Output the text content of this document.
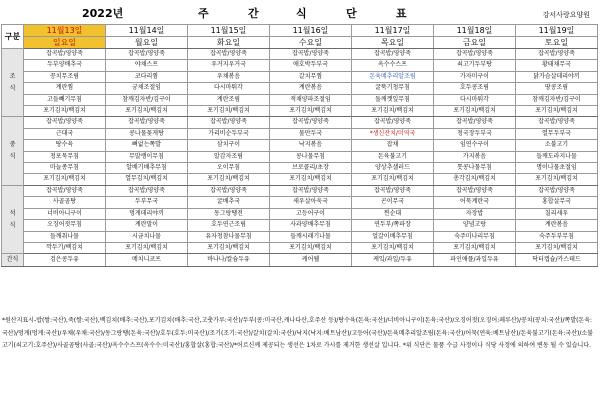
2022년	주	간	식	단	표	강서사랑요양원
구분	11월13일	11월14일	11월15일	11월16일	11월17일	11월18일	11월19일
	일요일	월요일	화요일	수요일	목요일	금요일	토요일

조
식	잡곡밥/영양죽	잡곡밥/영양죽	잡곡밥/영양죽	잡곡밥/영양죽	잡곡밥/영양죽	잡곡밥/영양죽	잡곡밥/영양죽
	두부양배추국	야채스프	우거지우거국	애호박두부국	옥수수스프	쇠고기두부탕	황태채무국
	꽁치무조림	코다리찜	우채볶음	갈치무찜	돈육메추리알조림	가자미구이	닭가슴살데리야끼
	계란찜	궁채조절임	다시마튀각	계란볶음	굴뚝기청무침	호두콩조림	땅콩조림
	고들빼기무침	참깨김자반/김구이	계란조림	적채양파조절임	돌깨깻잎무침	다시마튀각	참깨김자반/김구이
	포기김치/백김치	포기김치/백김치	포기김치/백김치	포기김치/백김치	포기김치/백김치	포기김치/백김치	포기김치/백김치

중
식	잡곡밥/영양죽	잡곡밥/영양죽	잡곡밥/영양죽	잡곡밥/영양죽	잡곡밥/영양죽	잡곡밥/영양죽	잡곡밥/영양죽
	근대국	콩나물꽃게탕	가리비순두부국	물만두국	*생신잔치/미역국	청국장두부국	열무두부국
	탕수육	뼈없는쪽발	삼치구이	낙지볶음	잡채	임연수구이	소불고기
	청포묵무침	무말랭이무침	알감자조림	콩나물무침	돈육불고기	가지볶음	들깨도라지나물
	마늘종무침	알배기배추무침	오이무침	브로콜리/초장	양상추샐러드	톳콩나물무침	명이나물초절임
	포기김치/백김치	열무김치/백김치	포기김치/백김치	포기김치/백김치	포기김치/백김치	총각김치/백김치	포기김치/백김치

석
식	잡곡밥/영양죽	잡곡밥/영양죽	잡곡밥/영양죽	잡곡밥/영양죽	잡곡밥/영양죽	잡곡밥/영양죽	잡곡밥/영양죽
	사골곰탕	두부무국	굴배추국	새우살아욱국	곤이무국	어묵계란국	홍합살무국
	너비아니구이	멍게데리야끼	동그랑땡전	고등어구이	찐순대	자장밥	칠리새우
	오징어젓무침	계란말이	호두연근조림	사과양배추무침	연두부/쪽파장	양념고랑	계란볶음
	들깨취나물	시금치나물	유자청참나물무침	들깨시래기나물	얼갈이배추무침	숙주미나리무침	숙주두부무침
	깍두기/백김치	포기김치/백김치	포기김치/백김치	포기김치/백김치	포기김치/백김치	포기김치/백김치	포기김치/백김치

간식	검은콩두유	메치니코프	바나나/칼슘두유	케어웰	케잌/과일/두유	파인애플/과일두유	닥터캡슐/카스테드
*원산지표시-밥(쌀:국산),죽(쌀:국산),백김치(배추:국산),포기김치(배추:국산,고춧가루:국산)/두부(콩:미국산,캐나다산,호주산 등)/탕수육(돈육:국산)/너비아니구이(돈육:국산)/오징어젓(오징어:페루산)/꽁치(꽁치:국산)/쪽발(돈육:국산)/멍게(멍게:국산)/우채(우채:국산)/동그랑땡(돈육:국산)/호두(호두:미국산)/조기(조기:국산)/갈치(갈치:국산)/낙지(낙지:베트남산)/고등어(국산)/돈육메추리알조림(돈육:국산)/어묵(연육:베트남산)/돈육불고기(돈육:국산)/소불고기(쇠고기:호주산)/사골곰탕(사골:국산)/옥수수스프(옥수수:미국산)/홍합살(홍합:국산)/*어르신께 제공되는 생선은 1차로 가시를 제거한 생선살 입니다. *위 식단은 물품 수급 사정이나 식당 사정에 의하여 변동 될 수 있습니다.
